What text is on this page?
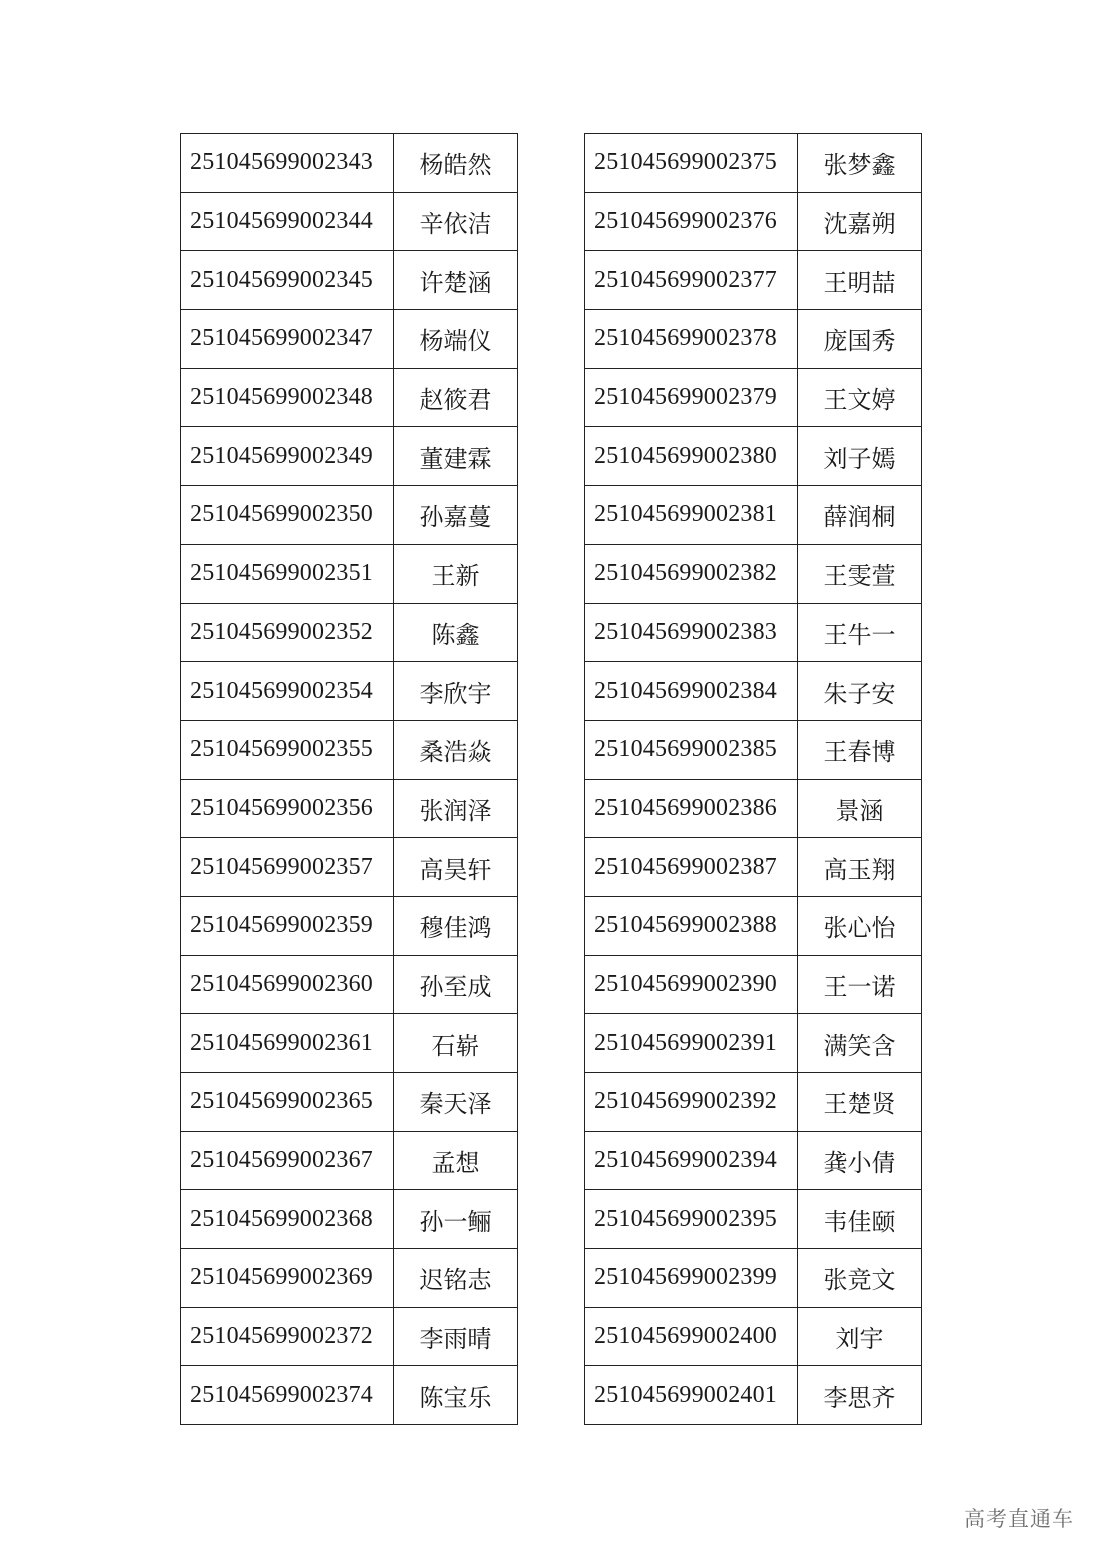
251045699002343	杨皓然
251045699002344	辛依洁
251045699002345	许楚涵
251045699002347	杨端仪
251045699002348	赵筱君
251045699002349	董建霖
251045699002350	孙嘉蔓
251045699002351	王新
251045699002352	陈鑫
251045699002354	李欣宇
251045699002355	桑浩焱
251045699002356	张润泽
251045699002357	高昊轩
251045699002359	穆佳鸿
251045699002360	孙至成
251045699002361	石崭
251045699002365	秦天泽
251045699002367	孟想
251045699002368	孙一鲡
251045699002369	迟铭志
251045699002372	李雨晴
251045699002374	陈宝乐
251045699002375	张梦鑫
251045699002376	沈嘉朔
251045699002377	王明喆
251045699002378	庞国秀
251045699002379	王文婷
251045699002380	刘子嫣
251045699002381	薛润桐
251045699002382	王雯萱
251045699002383	王牛一
251045699002384	朱子安
251045699002385	王春博
251045699002386	景涵
251045699002387	高玉翔
251045699002388	张心怡
251045699002390	王一诺
251045699002391	满笑含
251045699002392	王楚贤
251045699002394	龚小倩
251045699002395	韦佳颐
251045699002399	张竞文
251045699002400	刘宇
251045699002401	李思齐
高考直通车
